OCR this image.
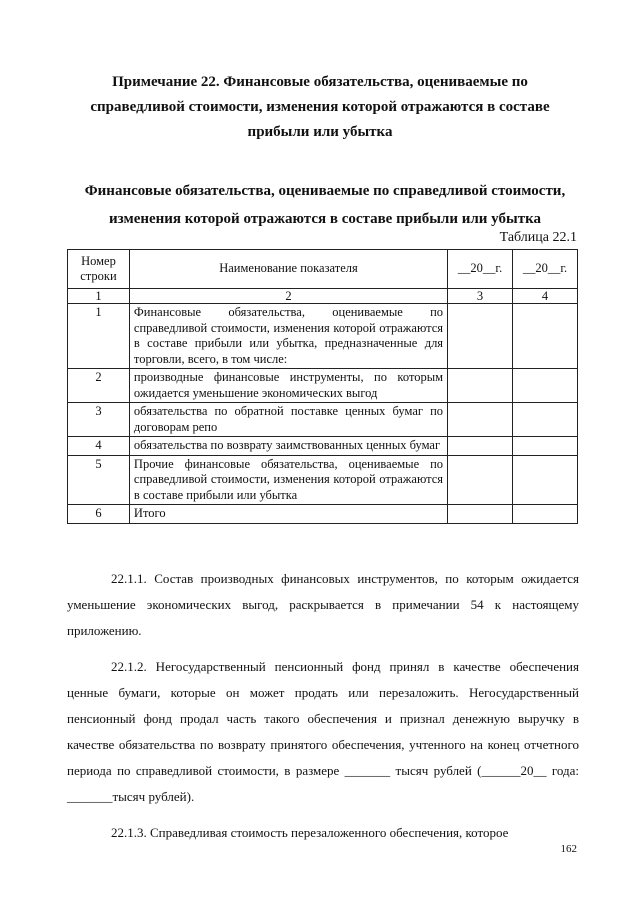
Примечание 22. Финансовые обязательства, оцениваемые по справедливой стоимости, изменения которой отражаются в составе прибыли или убытка
Финансовые обязательства, оцениваемые по справедливой стоимости, изменения которой отражаются в составе прибыли или убытка
Таблица 22.1
Номер строки	Наименование показателя	__20__г.	__20__г.
1	2	3	4
1	Финансовые обязательства, оцениваемые по справедливой стоимости, изменения которой отражаются в составе прибыли или убытка, предназначенные для торговли, всего, в том числе:		
2	производные финансовые инструменты, по которым ожидается уменьшение экономических выгод		
3	обязательства по обратной поставке ценных бумаг по договорам репо		
4	обязательства по возврату заимствованных ценных бумаг		
5	Прочие финансовые обязательства, оцениваемые по справедливой стоимости, изменения которой отражаются в составе прибыли или убытка		
6	Итого		

22.1.1. Состав производных финансовых инструментов, по которым ожидается уменьшение экономических выгод, раскрывается в примечании 54 к настоящему приложению.

22.1.2. Негосударственный пенсионный фонд принял в качестве обеспечения ценные бумаги, которые он может продать или перезаложить. Негосударственный пенсионный фонд продал часть такого обеспечения и признал денежную выручку в качестве обязательства по возврату принятого обеспечения, учтенного на конец отчетного периода по справедливой стоимости, в размере _______ тысяч рублей (______20__ года: _______тысяч рублей).

22.1.3. Справедливая стоимость перезаложенного обеспечения, которое

162
